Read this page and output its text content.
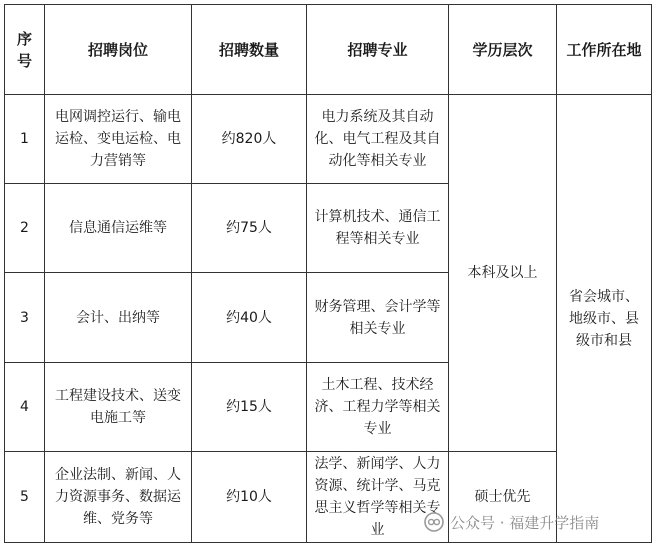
序号	招聘岗位	招聘数量	招聘专业	学历层次	工作所在地
1	电网调控运行、输电运检、变电运检、电力营销等	约820人	电力系统及其自动化、电气工程及其自动化等相关专业	本科及以上	省会城市、地级市、县级市和县
2	信息通信运维等	约75人	计算机技术、通信工程等相关专业		
3	会计、出纳等	约40人	财务管理、会计学等相关专业		
4	工程建设技术、送变电施工等	约15人	土木工程、技术经济、工程力学等相关专业		
5	企业法制、新闻、人力资源事务、数据运维、党务等	约10人	法学、新闻学、人力资源、统计学、马克思主义哲学等相关专业	硕士优先	
公众号 · 福建升学指南
